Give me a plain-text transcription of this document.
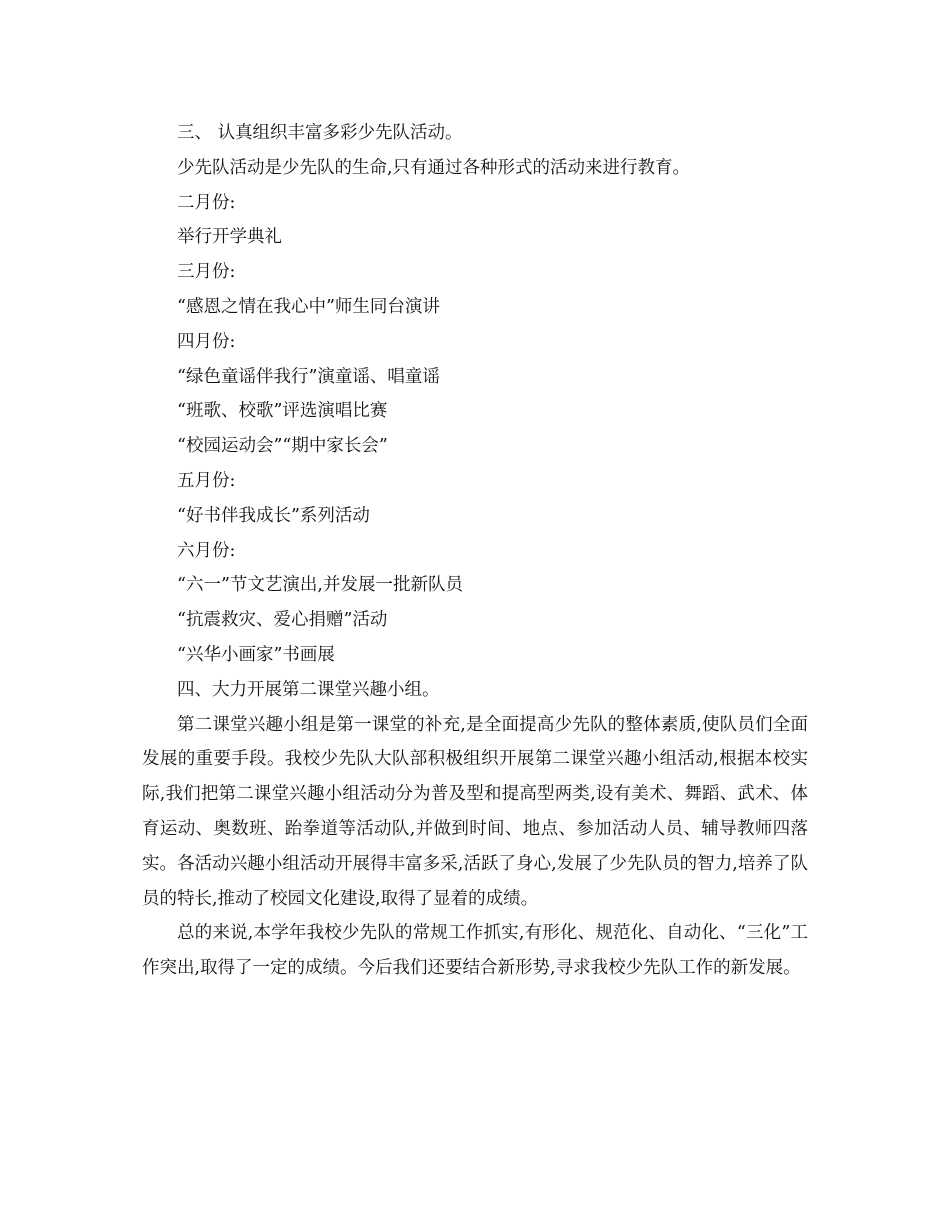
三、 认真组织丰富多彩少先队活动。

少先队活动是少先队的生命,只有通过各种形式的活动来进行教育。

二月份:

举行开学典礼

三月份:

“感恩之情在我心中”师生同台演讲

四月份:

“绿色童谣伴我行”演童谣、唱童谣

“班歌、校歌”评选演唱比赛

“校园运动会”“期中家长会”

五月份:

“好书伴我成长”系列活动

六月份:

“六一”节文艺演出,并发展一批新队员

“抗震救灾、爱心捐赠”活动

“兴华小画家”书画展

四、大力开展第二课堂兴趣小组。

第二课堂兴趣小组是第一课堂的补充,是全面提高少先队的整体素质,使队员们全面发展的重要手段。我校少先队大队部积极组织开展第二课堂兴趣小组活动,根据本校实际,我们把第二课堂兴趣小组活动分为普及型和提高型两类,设有美术、舞蹈、武术、体育运动、奥数班、跆拳道等活动队,并做到时间、地点、参加活动人员、辅导教师四落实。各活动兴趣小组活动开展得丰富多采,活跃了身心,发展了少先队员的智力,培养了队员的特长,推动了校园文化建设,取得了显着的成绩。

总的来说,本学年我校少先队的常规工作抓实,有形化、规范化、自动化、“三化”工作突出,取得了一定的成绩。今后我们还要结合新形势,寻求我校少先队工作的新发展。
